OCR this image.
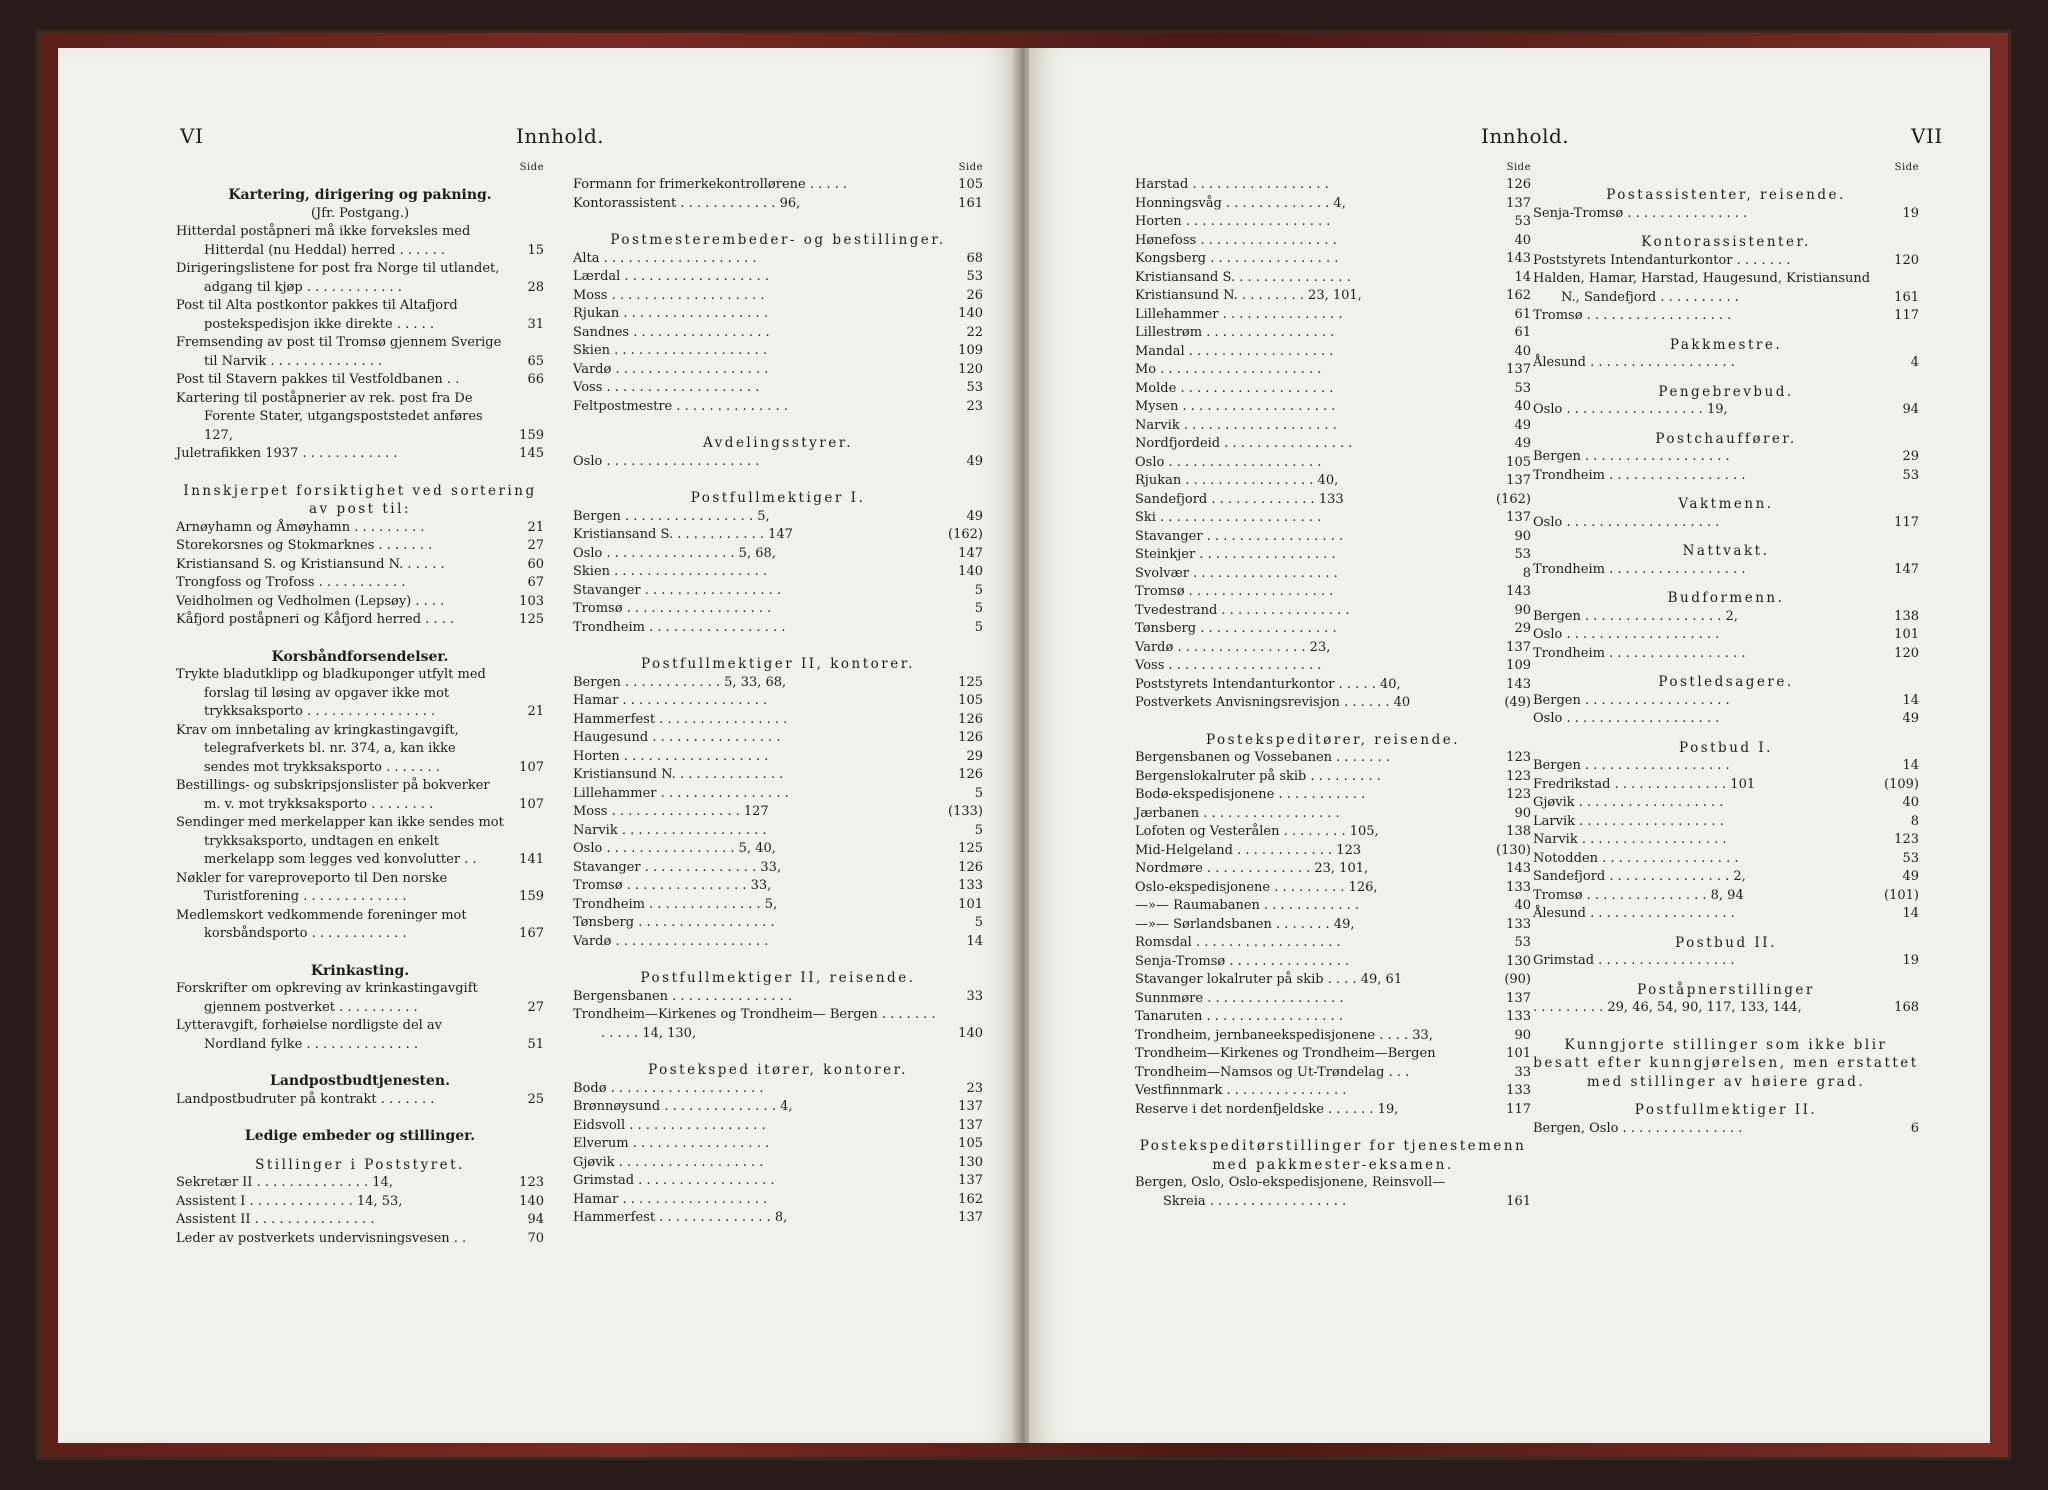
VI	Innhold.
Side
Kartering, dirigering og pakning.
(Jfr. Postgang.)
Hitterdal poståpneri må ikke forveksles med Hitterdal (nu Heddal) herred . . . . . .	15
Dirigeringslistene for post fra Norge til utlandet, adgang til kjøp . . . . . . . . . . . .	28
Post til Alta postkontor pakkes til Altafjord postekspedisjon ikke direkte . . . . .	31
Fremsending av post til Tromsø gjennem Sverige til Narvik . . . . . . . . . . . . . .	65
Post til Stavern pakkes til Vestfoldbanen . .	66
Kartering til poståpnerier av rek. post fra De Forente Stater, utgangspoststedet anføres 127,	159
Juletrafikken 1937 . . . . . . . . . . . .	145
Innskjerpet forsiktighet ved sortering av post til:
Arnøyhamn og Åmøyhamn . . . . . . . . .	21
Storekorsnes og Stokmarknes . . . . . . .	27
Kristiansand S. og Kristiansund N. . . . . .	60
Trongfoss og Trofoss . . . . . . . . . . .	67
Veidholmen og Vedholmen (Lepsøy) . . . .	103
Kåfjord poståpneri og Kåfjord herred . . . .	125
Korsbåndforsendelser.
Trykte bladutklipp og bladkuponger utfylt med forslag til løsing av opgaver ikke mot trykksaksporto . . . . . . . . . . . . . . . .	21
Krav om innbetaling av kringkastingavgift, telegrafverkets bl. nr. 374, a, kan ikke sendes mot trykksaksporto . . . . . . .	107
Bestillings- og subskripsjonslister på bokverker m. v. mot trykksaksporto . . . . . . . .	107
Sendinger med merkelapper kan ikke sendes mot trykksaksporto, undtagen en enkelt merkelapp som legges ved konvolutter . .	141
Nøkler for vareproveporto til Den norske Turistforening . . . . . . . . . . . . .	159
Medlemskort vedkommende foreninger mot korsbåndsporto . . . . . . . . . . . .	167
Krinkasting.
Forskrifter om opkreving av krinkastingavgift gjennem postverket . . . . . . . . . .	27
Lytteravgift, forhøielse nordligste del av Nordland fylke . . . . . . . . . . . . . .	51
Landpostbudtjenesten.
Landpostbudruter på kontrakt . . . . . . .	25
Ledige embeder og stillinger.
Stillinger i Poststyret.
Sekretær II . . . . . . . . . . . . . . 14,	123
Assistent I . . . . . . . . . . . . . 14, 53,	140
Assistent II . . . . . . . . . . . . . . .	94
Leder av postverkets undervisningsvesen . .	70
Side
Formann for frimerkekontrollørene . . . . .	105
Kontorassistent . . . . . . . . . . . . 96,	161
Postmesterembeder- og bestillinger.
Alta . . . . . . . . . . . . . . . . . . .	68
Lærdal . . . . . . . . . . . . . . . . . .	53
Moss . . . . . . . . . . . . . . . . . . .	26
Rjukan . . . . . . . . . . . . . . . . . .	140
Sandnes . . . . . . . . . . . . . . . . .	22
Skien . . . . . . . . . . . . . . . . . . .	109
Vardø . . . . . . . . . . . . . . . . . . .	120
Voss . . . . . . . . . . . . . . . . . . .	53
Feltpostmestre . . . . . . . . . . . . . .	23
Avdelingsstyrer.
Oslo . . . . . . . . . . . . . . . . . . .	49
Postfullmektiger I.
Bergen . . . . . . . . . . . . . . . . 5,	49
Kristiansand S. . . . . . . . . . . . 147	(162)
Oslo . . . . . . . . . . . . . . . . 5, 68,	147
Skien . . . . . . . . . . . . . . . . . . .	140
Stavanger . . . . . . . . . . . . . . . . .	5
Tromsø . . . . . . . . . . . . . . . . . .	5
Trondheim . . . . . . . . . . . . . . . . .	5
Postfullmektiger II, kontorer.
Bergen . . . . . . . . . . . . 5, 33, 68,	125
Hamar . . . . . . . . . . . . . . . . . .	105
Hammerfest . . . . . . . . . . . . . . . .	126
Haugesund . . . . . . . . . . . . . . . .	126
Horten . . . . . . . . . . . . . . . . . .	29
Kristiansund N. . . . . . . . . . . . . .	126
Lillehammer . . . . . . . . . . . . . . . .	5
Moss . . . . . . . . . . . . . . . . 127	(133)
Narvik . . . . . . . . . . . . . . . . . .	5
Oslo . . . . . . . . . . . . . . . . 5, 40,	125
Stavanger . . . . . . . . . . . . . . 33,	126
Tromsø . . . . . . . . . . . . . . . 33,	133
Trondheim . . . . . . . . . . . . . . 5,	101
Tønsberg . . . . . . . . . . . . . . . . .	5
Vardø . . . . . . . . . . . . . . . . . . .	14
Postfullmektiger II, reisende.
Bergensbanen . . . . . . . . . . . . . . .	33
Trondheim—Kirkenes og Trondheim— Bergen . . . . . . . . . . . . 14, 130,	140
Posteksped itører, kontorer.
Bodø . . . . . . . . . . . . . . . . . . .	23
Brønnøysund . . . . . . . . . . . . . . 4,	137
Eidsvoll . . . . . . . . . . . . . . . . .	137
Elverum . . . . . . . . . . . . . . . . .	105
Gjøvik . . . . . . . . . . . . . . . . . .	130
Grimstad . . . . . . . . . . . . . . . . .	137
Hamar . . . . . . . . . . . . . . . . . .	162
Hammerfest . . . . . . . . . . . . . . 8,	137
Innhold.	VII
Side
Harstad . . . . . . . . . . . . . . . . .	126
Honningsvåg . . . . . . . . . . . . . 4,	137
Horten . . . . . . . . . . . . . . . . . .	53
Hønefoss . . . . . . . . . . . . . . . . .	40
Kongsberg . . . . . . . . . . . . . . . .	143
Kristiansand S. . . . . . . . . . . . . . .	14
Kristiansund N. . . . . . . . . 23, 101,	162
Lillehammer . . . . . . . . . . . . . . .	61
Lillestrøm . . . . . . . . . . . . . . . .	61
Mandal . . . . . . . . . . . . . . . . . .	40
Mo . . . . . . . . . . . . . . . . . . . .	137
Molde . . . . . . . . . . . . . . . . . . .	53
Mysen . . . . . . . . . . . . . . . . . . .	40
Narvik . . . . . . . . . . . . . . . . . . .	49
Nordfjordeid . . . . . . . . . . . . . . . .	49
Oslo . . . . . . . . . . . . . . . . . . .	105
Rjukan . . . . . . . . . . . . . . . . 40,	137
Sandefjord . . . . . . . . . . . . . 133	(162)
Ski . . . . . . . . . . . . . . . . . . . .	137
Stavanger . . . . . . . . . . . . . . . . .	90
Steinkjer . . . . . . . . . . . . . . . . .	53
Svolvær . . . . . . . . . . . . . . . . . .	8
Tromsø . . . . . . . . . . . . . . . . . .	143
Tvedestrand . . . . . . . . . . . . . . . .	90
Tønsberg . . . . . . . . . . . . . . . . .	29
Vardø . . . . . . . . . . . . . . . . 23,	137
Voss . . . . . . . . . . . . . . . . . . .	109
Poststyrets Intendanturkontor . . . . . 40,	143
Postverkets Anvisningsrevisjon . . . . . . 40	(49)
Postekspeditører, reisende.
Bergensbanen og Vossebanen . . . . . . .	123
Bergenslokalruter på skib . . . . . . . . .	123
Bodø-ekspedisjonene . . . . . . . . . . .	123
Jærbanen . . . . . . . . . . . . . . . . .	90
Lofoten og Vesterålen . . . . . . . . 105,	138
Mid-Helgeland . . . . . . . . . . . . 123	(130)
Nordmøre . . . . . . . . . . . . . 23, 101,	143
Oslo-ekspedisjonene . . . . . . . . . 126,	133
—»— Raumabanen . . . . . . . . . . . .	40
—»— Sørlandsbanen . . . . . . . 49,	133
Romsdal . . . . . . . . . . . . . . . . . .	53
Senja-Tromsø . . . . . . . . . . . . . . .	130
Stavanger lokalruter på skib . . . . 49, 61	(90)
Sunnmøre . . . . . . . . . . . . . . . . .	137
Tanaruten . . . . . . . . . . . . . . . . .	133
Trondheim, jernbaneekspedisjonene . . . . 33,	90
Trondheim—Kirkenes og Trondheim—Bergen	101
Trondheim—Namsos og Ut-Trøndelag . . .	33
Vestfinnmark . . . . . . . . . . . . . . .	133
Reserve i det nordenfjeldske . . . . . . 19,	117
Postekspeditørstillinger for tjenestemenn med pakkmester-eksamen.
Bergen, Oslo, Oslo-ekspedisjonene, Reinsvoll— Skreia . . . . . . . . . . . . . . . . .	161
Side
Postassistenter, reisende.
Senja-Tromsø . . . . . . . . . . . . . . .	19
Kontorassistenter.
Poststyrets Intendanturkontor . . . . . . .	120
Halden, Hamar, Harstad, Haugesund, Kristiansund N., Sandefjord . . . . . . . . . .	161
Tromsø . . . . . . . . . . . . . . . . . .	117
Pakkmestre.
Ålesund . . . . . . . . . . . . . . . . . .	4
Pengebrevbud.
Oslo . . . . . . . . . . . . . . . . . 19,	94
Postchauffører.
Bergen . . . . . . . . . . . . . . . . . .	29
Trondheim . . . . . . . . . . . . . . . . .	53
Vaktmenn.
Oslo . . . . . . . . . . . . . . . . . . .	117
Nattvakt.
Trondheim . . . . . . . . . . . . . . . . .	147
Budformenn.
Bergen . . . . . . . . . . . . . . . . . 2,	138
Oslo . . . . . . . . . . . . . . . . . . .	101
Trondheim . . . . . . . . . . . . . . . . .	120
Postledsagere.
Bergen . . . . . . . . . . . . . . . . . .	14
Oslo . . . . . . . . . . . . . . . . . . .	49
Postbud I.
Bergen . . . . . . . . . . . . . . . . . .	14
Fredrikstad . . . . . . . . . . . . . . 101	(109)
Gjøvik . . . . . . . . . . . . . . . . . .	40
Larvik . . . . . . . . . . . . . . . . . .	8
Narvik . . . . . . . . . . . . . . . . . .	123
Notodden . . . . . . . . . . . . . . . . .	53
Sandefjord . . . . . . . . . . . . . . . 2,	49
Tromsø . . . . . . . . . . . . . . . 8, 94	(101)
Ålesund . . . . . . . . . . . . . . . . . .	14
Postbud II.
Grimstad . . . . . . . . . . . . . . . . .	19
Poståpnerstillinger
. . . . . . . . . 29, 46, 54, 90, 117, 133, 144,	168
Kunngjorte stillinger som ikke blir besatt efter kunngjørelsen, men erstattet med stillinger av høiere grad.
Postfullmektiger II.
Bergen, Oslo . . . . . . . . . . . . . . .	6
